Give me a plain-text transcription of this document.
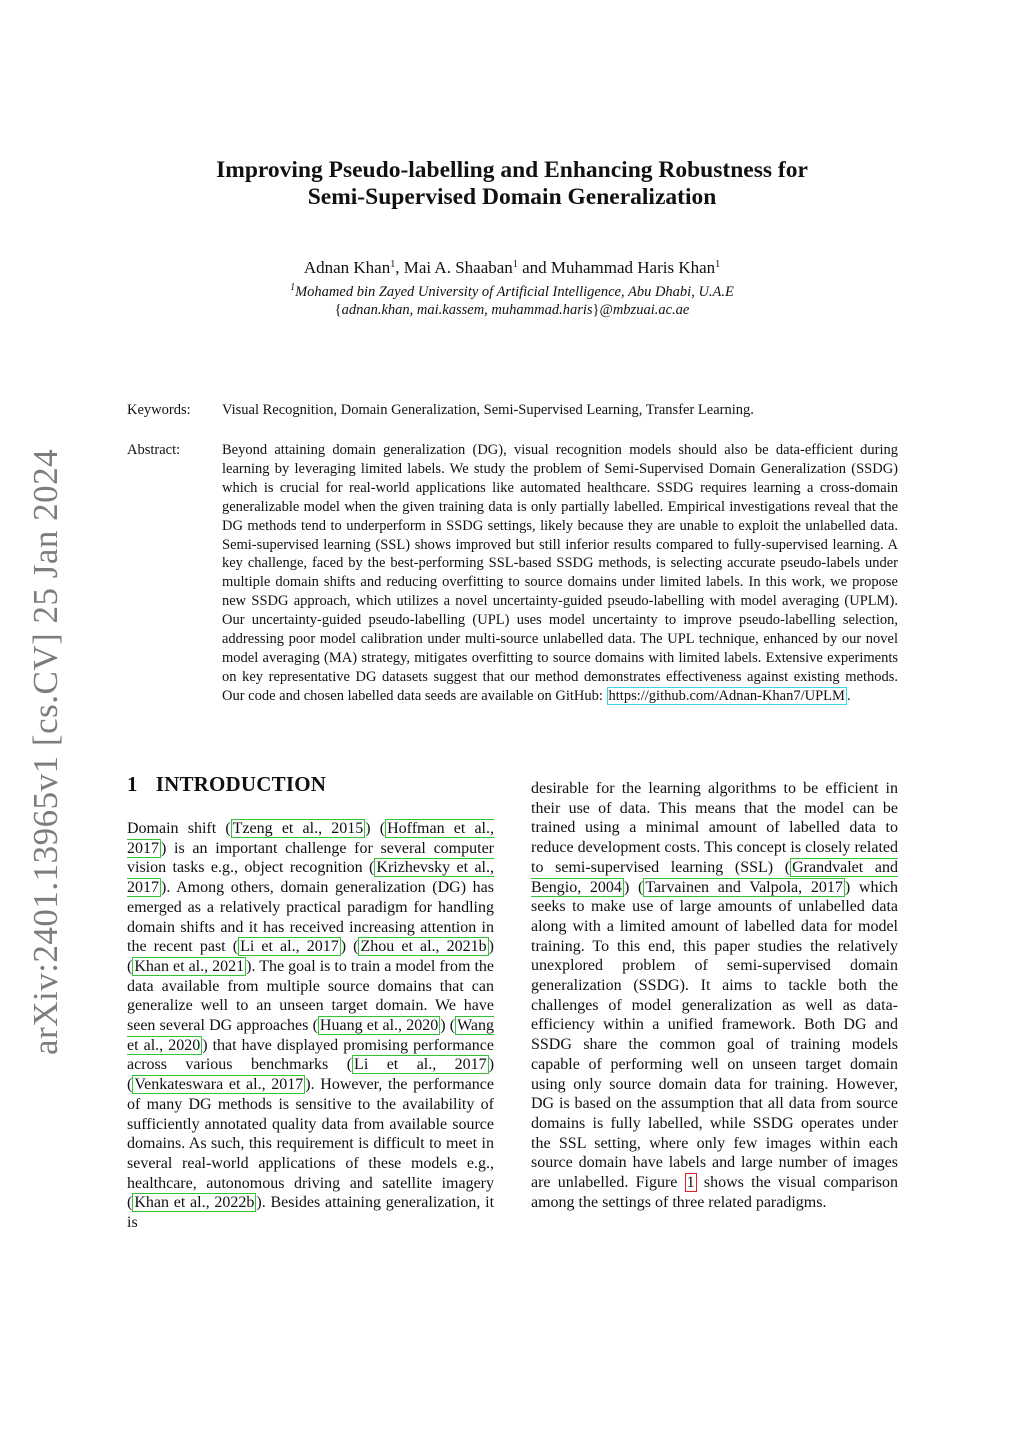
arXiv:2401.13965v1 [cs.CV] 25 Jan 2024
Improving Pseudo-labelling and Enhancing Robustness for
Semi-Supervised Domain Generalization
Adnan Khan$^1$, Mai A. Shaaban$^1$ and Muhammad Haris Khan$^1$
$^1$Mohamed bin Zayed University of Artificial Intelligence, Abu Dhabi, U.A.E
{adnan.khan, mai.kassem, muhammad.haris}@mbzuai.ac.ae
Keywords: Visual Recognition, Domain Generalization, Semi-Supervised Learning, Transfer Learning.
Abstract:	Beyond attaining domain generalization (DG), visual recognition models should also be data-efficient during learning by leveraging limited labels. We study the problem of Semi-Supervised Domain Generalization (SSDG) which is crucial for real-world applications like automated healthcare. SSDG requires learning a cross-domain generalizable model when the given training data is only partially labelled. Empirical investigations reveal that the DG methods tend to underperform in SSDG settings, likely because they are unable to exploit the unlabelled data. Semi-supervised learning (SSL) shows improved but still inferior results compared to fully-supervised learning. A key challenge, faced by the best-performing SSL-based SSDG methods, is selecting accurate pseudo-labels under multiple domain shifts and reducing overfitting to source domains under limited labels. In this work, we propose new SSDG approach, which utilizes a novel uncertainty-guided pseudo-labelling with model averaging (UPLM). Our uncertainty-guided pseudo-labelling (UPL) uses model uncertainty to improve pseudo-labelling selection, addressing poor model calibration under multi-source unlabelled data. The UPL technique, enhanced by our novel model averaging (MA) strategy, mitigates overfitting to source domains with limited labels. Extensive experiments on key representative DG datasets suggest that our method demonstrates effectiveness against existing methods. Our code and chosen labelled data seeds are available on GitHub: https://github.com/Adnan-Khan7/UPLM .
1 INTRODUCTION
Domain shift ( Tzeng et al., 2015 ) ( Hoffman et al., 2017 ) is an important challenge for several computer vision tasks e.g., object recognition ( Krizhevsky et al., 2017 ). Among others, domain generalization (DG) has emerged as a relatively practical paradigm for handling domain shifts and it has received increasing attention in the recent past ( Li et al., 2017 ) ( Zhou et al., 2021b ) ( Khan et al., 2021 ). The goal is to train a model from the data available from multiple source domains that can generalize well to an unseen target domain. We have seen several DG approaches ( Huang et al., 2020 ) ( Wang et al., 2020 ) that have displayed promising performance across various benchmarks ( Li et al., 2017 ) ( Venkateswara et al., 2017 ). However, the performance of many DG methods is sensitive to the availability of sufficiently annotated quality data from available source domains. As such, this requirement is difficult to meet in several real-world applications of these models e.g., healthcare, autonomous driving and satellite imagery ( Khan et al., 2022b ). Besides attaining generalization, it is
desirable for the learning algorithms to be efficient in their use of data. This means that the model can be trained using a minimal amount of labelled data to reduce development costs. This concept is closely related to semi-supervised learning (SSL) ( Grandvalet and Bengio, 2004 ) ( Tarvainen and Valpola, 2017 ) which seeks to make use of large amounts of unlabelled data along with a limited amount of labelled data for model training. To this end, this paper studies the relatively unexplored problem of semi-supervised domain generalization (SSDG). It aims to tackle both the challenges of model generalization as well as data-efficiency within a unified framework. Both DG and SSDG share the common goal of training models capable of performing well on unseen target domain using only source domain data for training. However, DG is based on the assumption that all data from source domains is fully labelled, while SSDG operates under the SSL setting, where only few images within each source domain have labels and large number of images are unlabelled. Figure 1 shows the visual comparison among the settings of three related paradigms.
